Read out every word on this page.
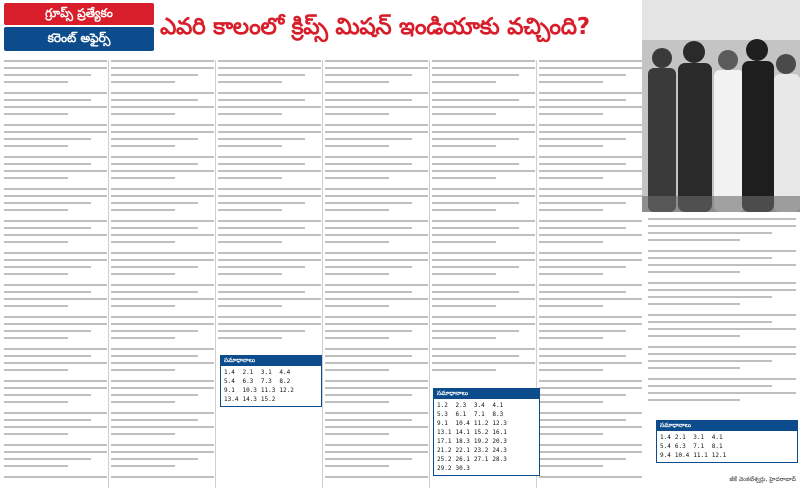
గ్రూప్స్ ప్రత్యేకం
కరెంట్ అఫైర్స్	ఎవరి కాలంలో క్రిప్స్ మిషన్ ఇండియాకు వచ్చింది?
సమాధానాలు
1.4	2.1	3.1	4.4
5.4	6.3	7.3	8.2
9.1	10.3	11.3	12.2
13.4	14.3	15.2	
సమాధానాలు
1.2	2.3	3.4	4.1
5.3	6.1	7.1	8.3
9.1	10.4	11.2	12.3
13.1	14.1	15.2	16.1
17.1	18.3	19.2	20.3
21.2	22.1	23.2	24.3
25.2	26.1	27.1	28.3
29.2	30.3		
సమాధానాలు
1.4	2.1	3.1	4.1
5.4	6.3	7.1	8.1
9.4	10.4	11.1	12.1
జీకే వెంకటేశ్వర్లు, హైదరాబాద్
